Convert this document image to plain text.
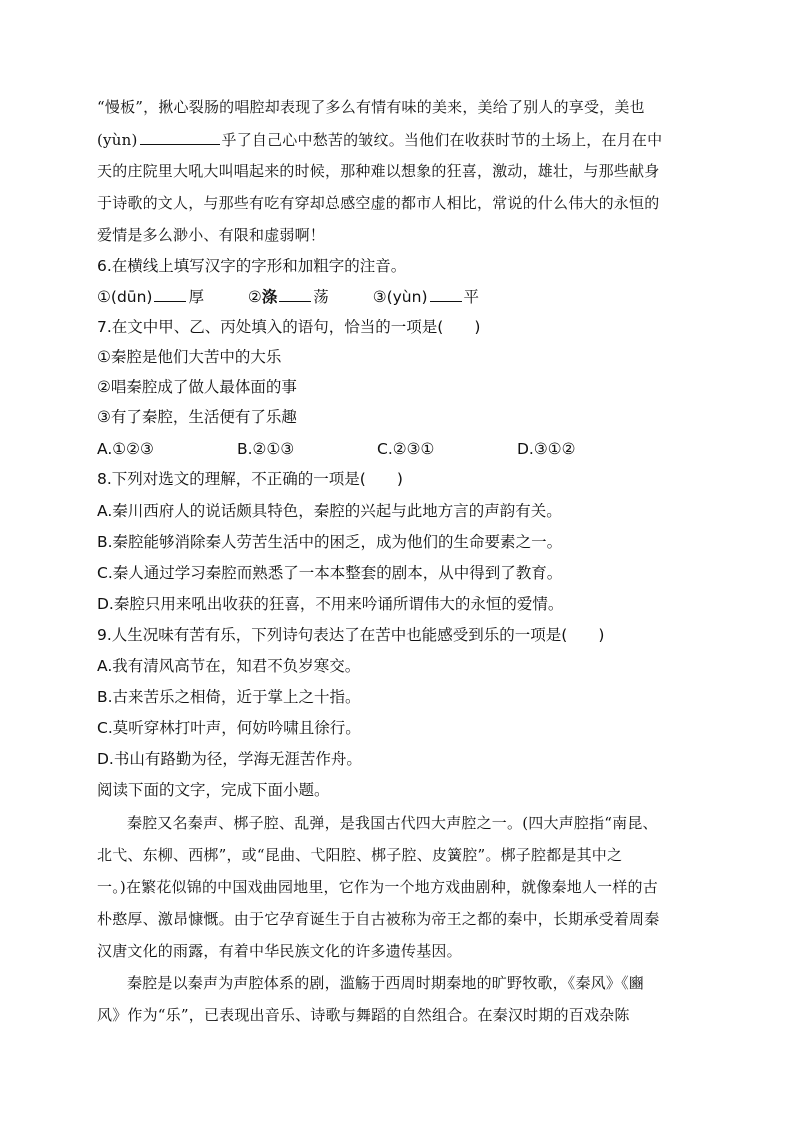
“慢板”，揪心裂肠的唱腔却表现了多么有情有味的美来，美给了别人的享受，美也
(yùn)	乎了自己心中愁苦的皱纹。当他们在收获时节的土场上，在月在中
天的庄院里大吼大叫唱起来的时候，那种难以想象的狂喜，激动，雄壮，与那些献身
于诗歌的文人，与那些有吃有穿却总感空虚的都市人相比，常说的什么伟大的永恒的
爱情是多么渺小、有限和虚弱啊！
6.在横线上填写汉字的字形和加粗字的注音。
①(dūn) 厚	②涤 荡	③(yùn) 平
7.在文中甲、乙、丙处填入的语句，恰当的一项是(　　)
①秦腔是他们大苦中的大乐
②唱秦腔成了做人最体面的事
③有了秦腔，生活便有了乐趣
A.①②③	B.②①③	C.②③①	D.③①②
8.下列对选文的理解，不正确的一项是(　　)
A.秦川西府人的说话颇具特色，秦腔的兴起与此地方言的声韵有关。
B.秦腔能够消除秦人劳苦生活中的困乏，成为他们的生命要素之一。
C.秦人通过学习秦腔而熟悉了一本本整套的剧本，从中得到了教育。
D.秦腔只用来吼出收获的狂喜，不用来吟诵所谓伟大的永恒的爱情。
9.人生况味有苦有乐，下列诗句表达了在苦中也能感受到乐的一项是(　　)
A.我有清风高节在，知君不负岁寒交。
B.古来苦乐之相倚，近于掌上之十指。
C.莫听穿林打叶声，何妨吟啸且徐行。
D.书山有路勤为径，学海无涯苦作舟。
阅读下面的文字，完成下面小题。
秦腔又名秦声、梆子腔、乱弹，是我国古代四大声腔之一。(四大声腔指“南昆、
北弋、东柳、西梆”，或“昆曲、弋阳腔、梆子腔、皮簧腔”。梆子腔都是其中之
一。)在繁花似锦的中国戏曲园地里，它作为一个地方戏曲剧种，就像秦地人一样的古
朴憨厚、激昂慷慨。由于它孕育诞生于自古被称为帝王之都的秦中，长期承受着周秦
汉唐文化的雨露，有着中华民族文化的许多遗传基因。
秦腔是以秦声为声腔体系的剧，滥觞于西周时期秦地的旷野牧歌，《秦风》《豳
风》作为“乐”，已表现出音乐、诗歌与舞蹈的自然组合。在秦汉时期的百戏杂陈
